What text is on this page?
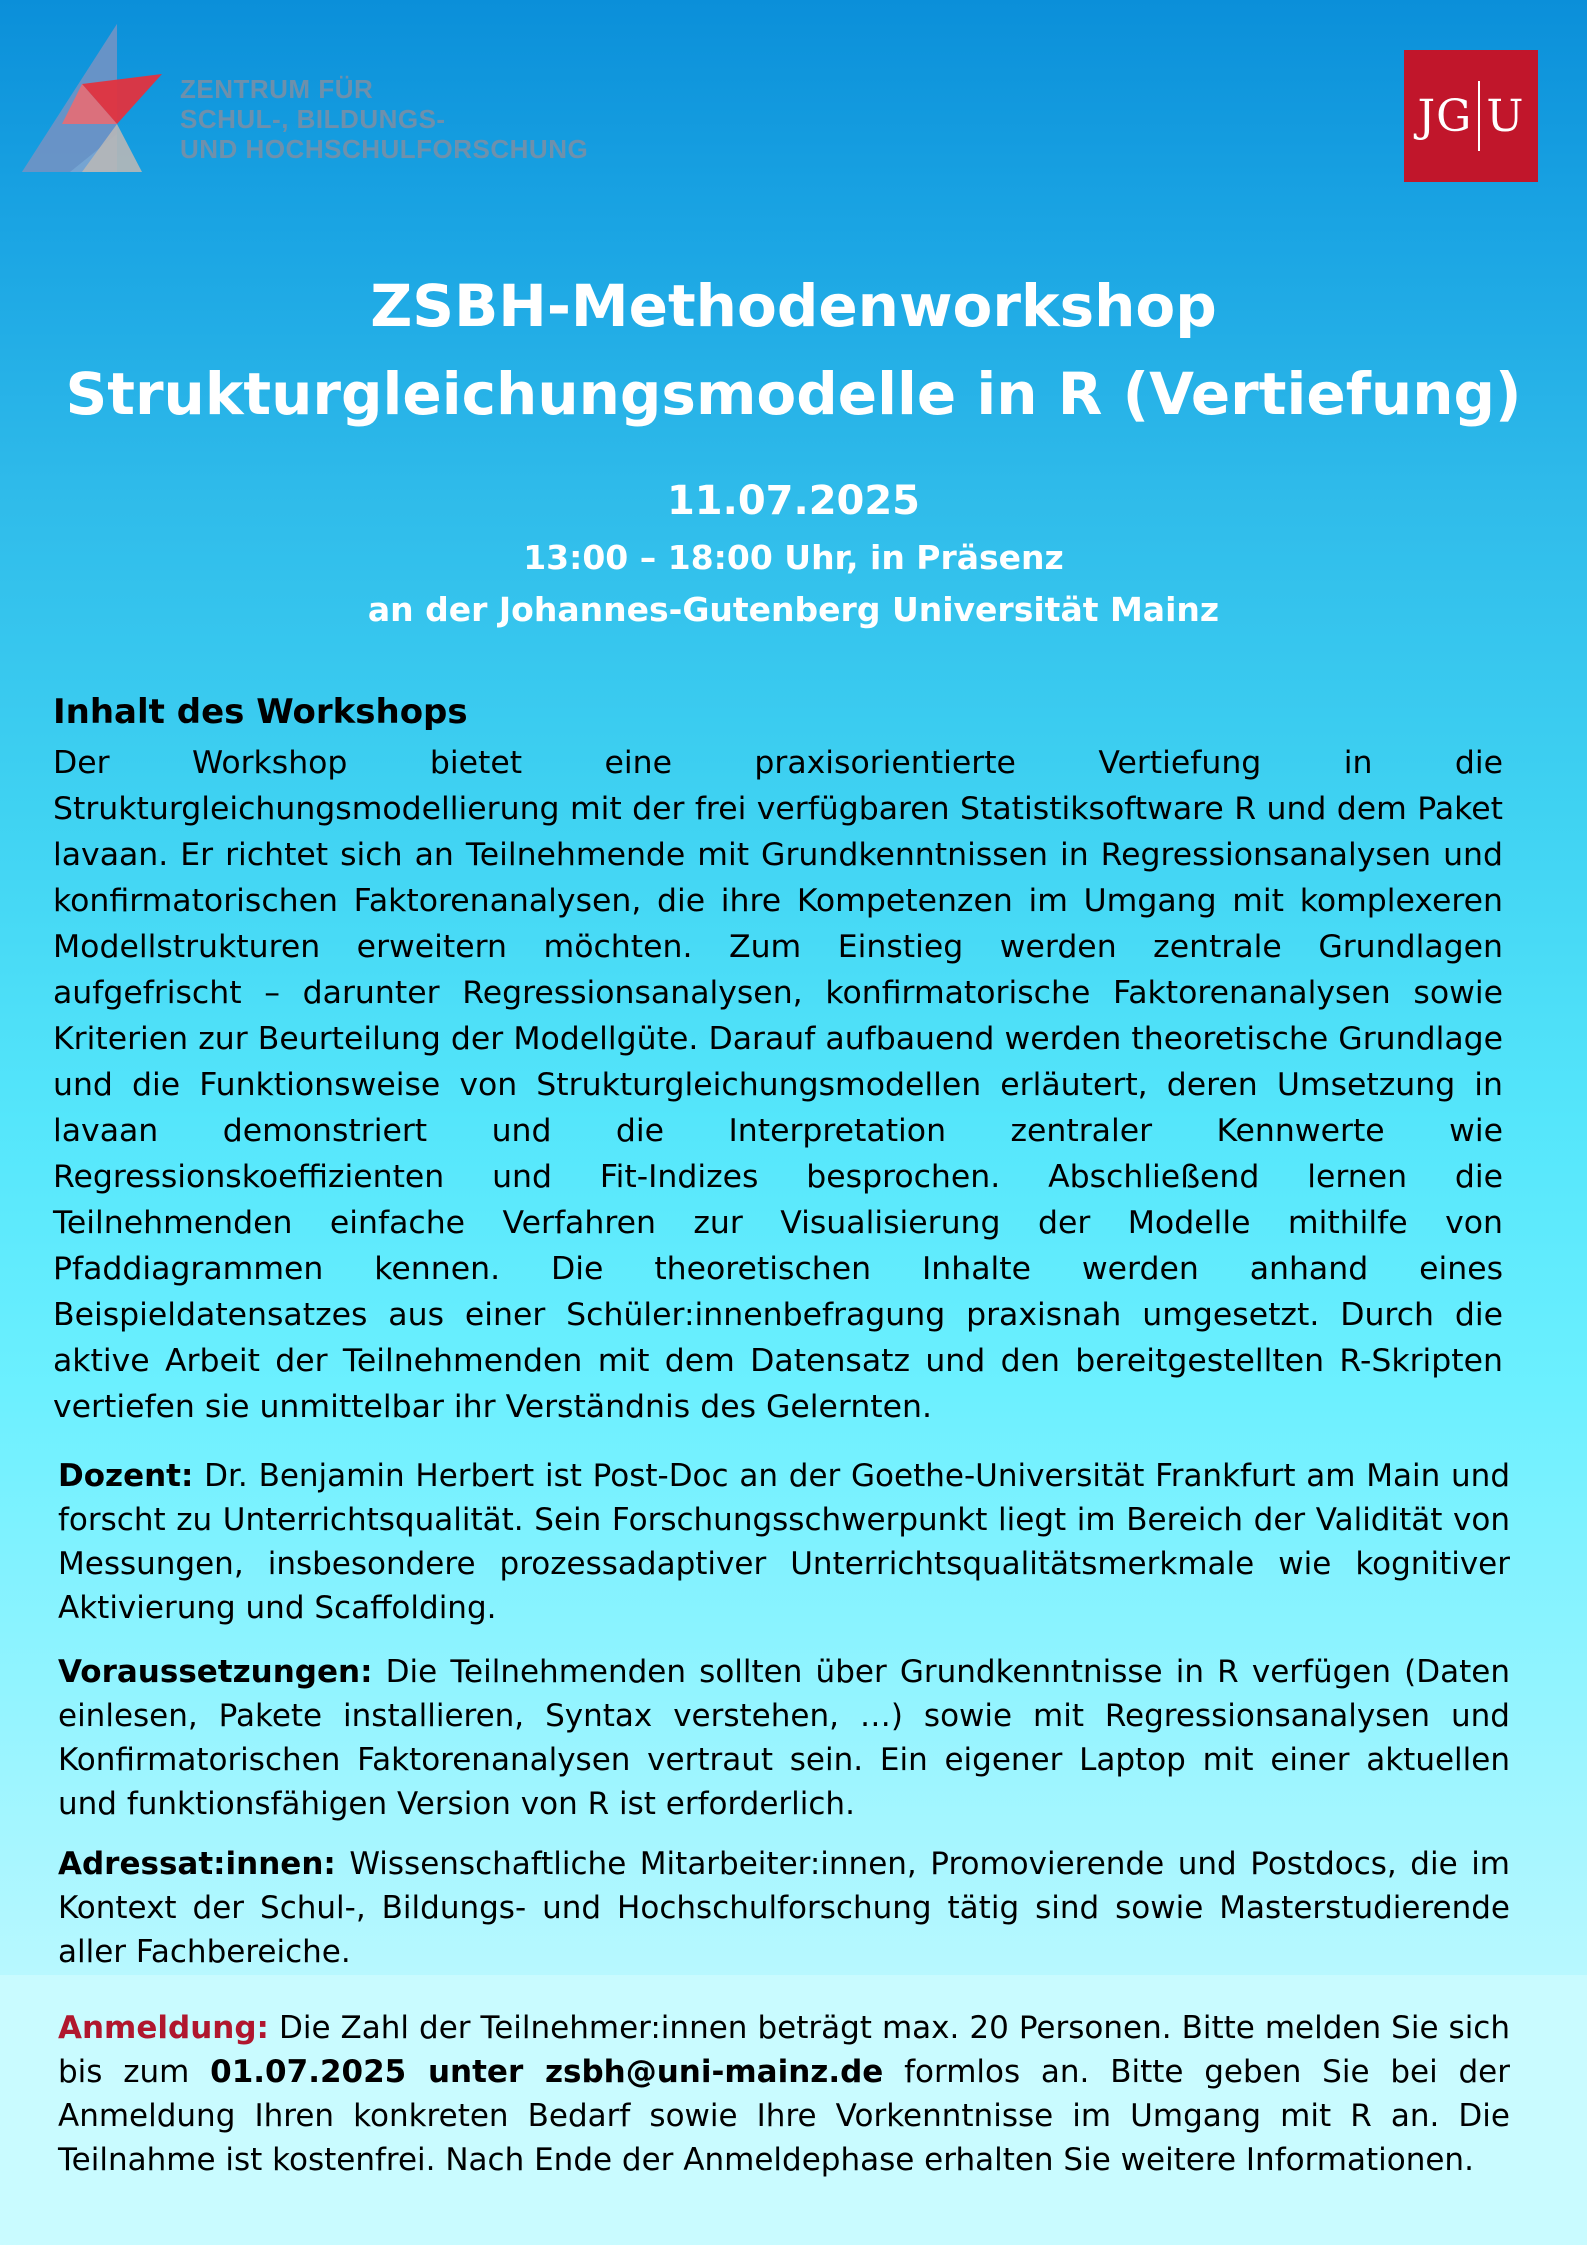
ZENTRUM FÜR
SCHUL-, BILDUNGS-
UND HOCHSCHULFORSCHUNG
JG U
ZSBH-Methodenworkshop
Strukturgleichungsmodelle in R (Vertiefung)
11.07.2025
13:00 – 18:00 Uhr, in Präsenz
an der Johannes-Gutenberg Universität Mainz
Inhalt des Workshops
Der Workshop bietet eine praxisorientierte Vertiefung in die Strukturgleichungsmodellierung mit der frei verfügbaren Statistiksoftware R und dem Paket lavaan. Er richtet sich an Teilnehmende mit Grundkenntnissen in Regressionsanalysen und konfirmatorischen Faktorenanalysen, die ihre Kompetenzen im Umgang mit komplexeren Modellstrukturen erweitern möchten. Zum Einstieg werden zentrale Grundlagen aufgefrischt – darunter Regressionsanalysen, konfirmatorische Faktorenanalysen sowie Kriterien zur Beurteilung der Modellgüte. Darauf aufbauend werden theoretische Grundlage und die Funktionsweise von Strukturgleichungsmodellen erläutert, deren Umsetzung in lavaan demonstriert und die Interpretation zentraler Kennwerte wie Regressionskoeffizienten und Fit-Indizes besprochen. Abschließend lernen die Teilnehmenden einfache Verfahren zur Visualisierung der Modelle mithilfe von Pfaddiagrammen kennen. Die theoretischen Inhalte werden anhand eines Beispieldatensatzes aus einer Schüler:innenbefragung praxisnah umgesetzt. Durch die aktive Arbeit der Teilnehmenden mit dem Datensatz und den bereitgestellten R-Skripten vertiefen sie unmittelbar ihr Verständnis des Gelernten.
Dozent: Dr. Benjamin Herbert ist Post-Doc an der Goethe-Universität Frankfurt am Main und forscht zu Unterrichtsqualität. Sein Forschungsschwerpunkt liegt im Bereich der Validität von Messungen, insbesondere prozessadaptiver Unterrichtsqualitätsmerkmale wie kognitiver Aktivierung und Scaffolding.
Voraussetzungen: Die Teilnehmenden sollten über Grundkenntnisse in R verfügen (Daten einlesen, Pakete installieren, Syntax verstehen, …) sowie mit Regressionsanalysen und Konfirmatorischen Faktorenanalysen vertraut sein. Ein eigener Laptop mit einer aktuellen und funktionsfähigen Version von R ist erforderlich.
Adressat:innen: Wissenschaftliche Mitarbeiter:innen, Promovierende und Postdocs, die im Kontext der Schul-, Bildungs- und Hochschulforschung tätig sind sowie Masterstudierende aller Fachbereiche.
Anmeldung: Die Zahl der Teilnehmer:innen beträgt max. 20 Personen. Bitte melden Sie sich bis zum 01.07.2025 unter zsbh@uni-mainz.de formlos an. Bitte geben Sie bei der Anmeldung Ihren konkreten Bedarf sowie Ihre Vorkenntnisse im Umgang mit R an. Die Teilnahme ist kostenfrei. Nach Ende der Anmeldephase erhalten Sie weitere Informationen.
